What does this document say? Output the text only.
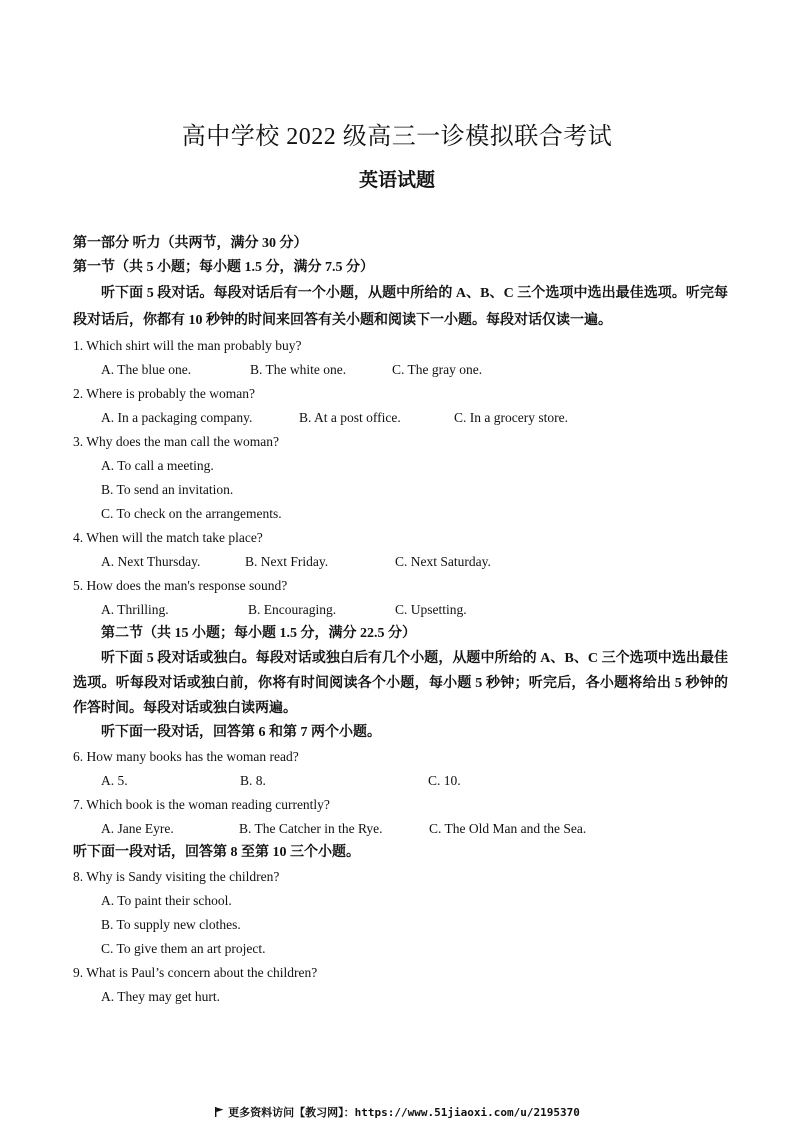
高中学校 2022 级高三一诊模拟联合考试
英语试题
第一部分 听力（共两节，满分 30 分）
第一节（共 5 小题；每小题 1.5 分，满分 7.5 分）
听下面 5 段对话。每段对话后有一个小题，从题中所给的 A、B、C 三个选项中选出最佳选项。听完每段对话后，你都有 10 秒钟的时间来回答有关小题和阅读下一小题。每段对话仅读一遍。
1. Which shirt will the man probably buy?
A. The blue one.	B. The white one.	C. The gray one.
2. Where is probably the woman?
A. In a packaging company.	B. At a post office.	C. In a grocery store.
3. Why does the man call the woman?
A. To call a meeting.
B. To send an invitation.
C. To check on the arrangements.
4. When will the match take place?
A. Next Thursday.	B. Next Friday.	C. Next Saturday.
5. How does the man's response sound?
A. Thrilling.	B. Encouraging.	C. Upsetting.
第二节（共 15 小题；每小题 1.5 分，满分 22.5 分）
听下面 5 段对话或独白。每段对话或独白后有几个小题，从题中所给的 A、B、C 三个选项中选出最佳选项。听每段对话或独白前，你将有时间阅读各个小题，每小题 5 秒钟；听完后，各小题将给出 5 秒钟的作答时间。每段对话或独白读两遍。
听下面一段对话，回答第 6 和第 7 两个小题。
6. How many books has the woman read?
A. 5.	B. 8.	C. 10.
7. Which book is the woman reading currently?
A. Jane Eyre.	B. The Catcher in the Rye.	C. The Old Man and the Sea.
听下面一段对话，回答第 8 至第 10 三个小题。
8. Why is Sandy visiting the children?
A. To paint their school.
B. To supply new clothes.
C. To give them an art project.
9. What is Paul’s concern about the children?
A. They may get hurt.
更多资料访问【教习网】：https://www.51jiaoxi.com/u/2195370
